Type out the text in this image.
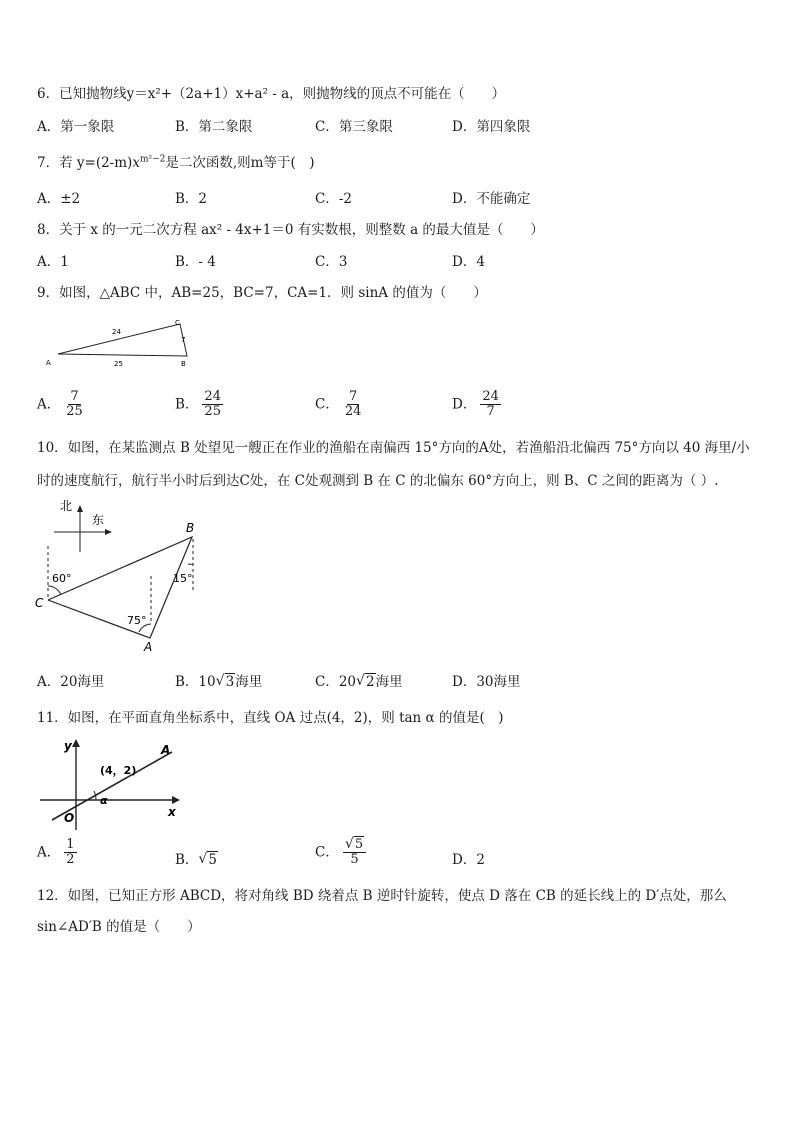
6．已知抛物线y＝x²+（2a+1）x+a² - a，则抛物线的顶点不可能在（　　）
A．第一象限	B．第二象限	C．第三象限	D．第四象限
7．若 $y=(2-m)x^{m^2-2}$是二次函数,则m等于(　)
A．±2	B．2	C．-2	D．不能确定
8．关于 x 的一元二次方程 ax² - 4x+1＝0 有实数根，则整数 a 的最大值是（　　）
A．1	B．- 4	C．3	D．4
9．如图，△ABC 中，AB=25，BC=7，CA=1．则 sinA 的值为（　　）
24
7
25
A	B
C
A． $\frac{7}{25}$	B． $\frac{24}{25}$	C． $\frac{7}{24}$	D． $\frac{24}{7}$
10．如图，在某监测点 B 处望见一艘正在作业的渔船在南偏西 15°方向的A处，若渔船沿北偏西 75°方向以 40 海里/小
时的速度航行，航行半小时后到达C处，在 C处观测到 B 在 C 的北偏东 60°方向上，则 B、C 之间的距离为（ ）.
北
东
60°	15°
75°
B
C
A
A．20海里	B．10 √ 3海里	C．20 √ 2海里	D．30海里
11．如图，在平面直角坐标系中，直线 OA 过点(4，2)，则 tan α 的值是(　)
y
x
O
A
(4，2)
α
A． $\frac{1}{2}$	B． √ 5	C． $\frac{√ 5}{5}$	D．2
12．如图，已知正方形 ABCD，将对角线 BD 绕着点 B 逆时针旋转，使点 D 落在 CB 的延长线上的 D′点处，那么
sin∠AD′B 的值是（　　）
